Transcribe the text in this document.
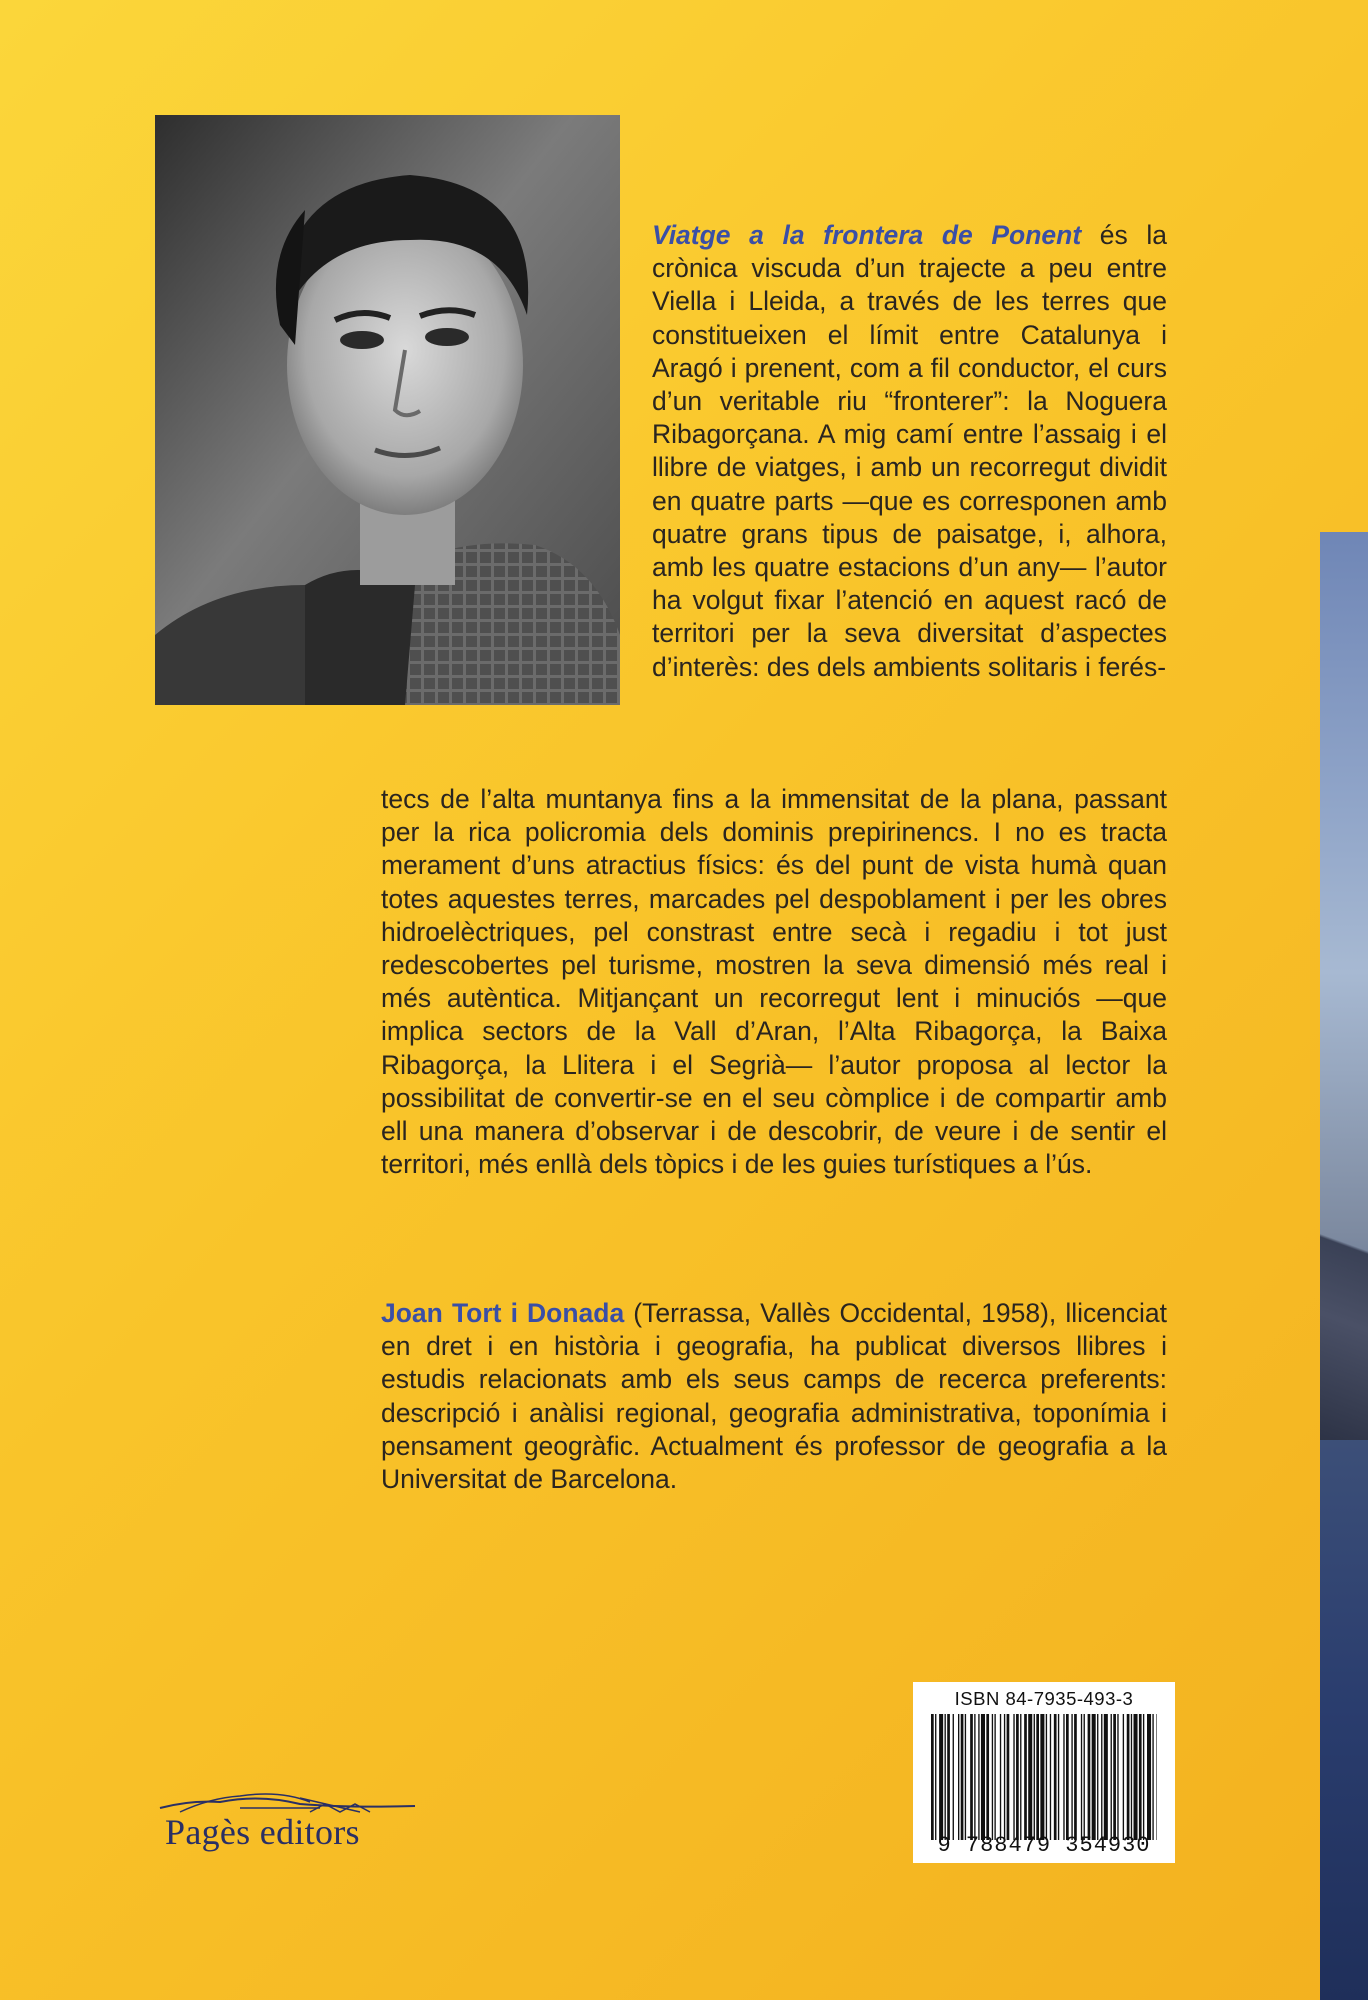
Viatge a la frontera de Ponent és la crònica viscuda d’un trajecte a peu entre Viella i Lleida, a través de les terres que constitueixen el límit entre Catalunya i Aragó i prenent, com a fil conductor, el curs d’un veritable riu “fronterer”: la Noguera Ribagorçana. A mig camí entre l’assaig i el llibre de viatges, i amb un recorregut dividit en quatre parts —que es corresponen amb quatre grans tipus de paisatge, i, alhora, amb les quatre estacions d’un any— l’autor ha volgut fixar l’atenció en aquest racó de territori per la seva diversitat d’aspectes d’interès: des dels ambients solitaris i ferés-

tecs de l’alta muntanya fins a la immensitat de la plana, passant per la rica policromia dels dominis prepirinencs. I no es tracta merament d’uns atractius físics: és del punt de vista humà quan totes aquestes terres, marcades pel despoblament i per les obres hidroelèctriques, pel constrast entre secà i regadiu i tot just redescobertes pel turisme, mostren la seva dimensió més real i més autèntica. Mitjançant un recorregut lent i minuciós —que implica sectors de la Vall d’Aran, l’Alta Ribagorça, la Baixa Ribagorça, la Llitera i el Segrià— l’autor proposa al lector la possibilitat de convertir-se en el seu còmplice i de compartir amb ell una manera d’observar i de descobrir, de veure i de sentir el territori, més enllà dels tòpics i de les guies turístiques a l’ús.

Joan Tort i Donada (Terrassa, Vallès Occidental, 1958), llicenciat en dret i en història i geografia, ha publicat diversos llibres i estudis relacionats amb els seus camps de recerca preferents: descripció i anàlisi regional, geografia administrativa, toponímia i pensament geogràfic. Actualment és professor de geografia a la Universitat de Barcelona.

ISBN 84-7935-493-3
9 788479 354930
Pagès editors
